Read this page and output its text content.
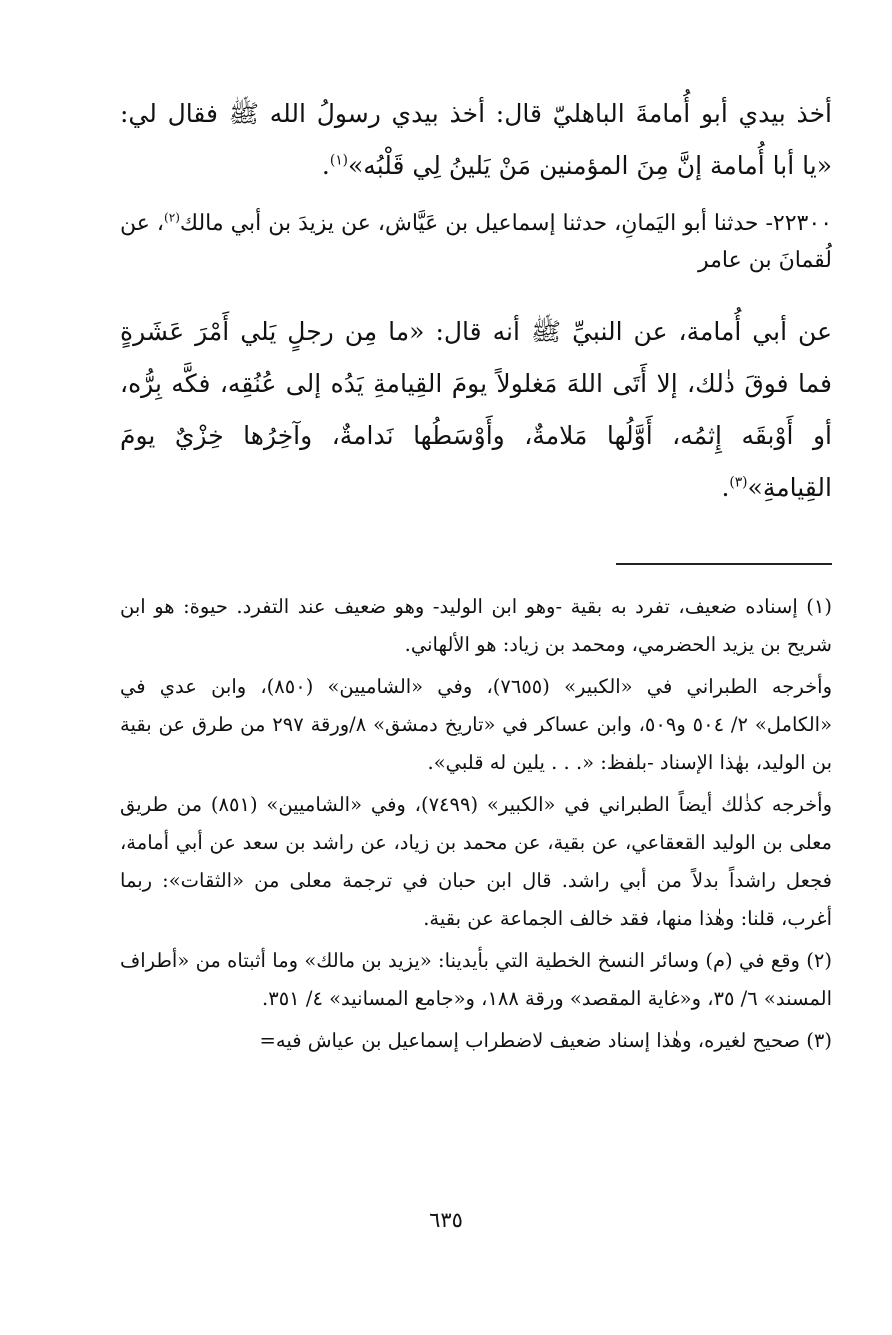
أخذ بيدي أبو أُمامةَ الباهليّ قال: أخذ بيدي رسولُ الله ﷺ فقال لي: «يا أبا أُمامة إنَّ مِنَ المؤمنين مَنْ يَلينُ لِي قَلْبُه»$^{(١)}$.

٢٢٣٠٠- حدثنا أبو اليَمانِ، حدثنا إسماعيل بن عَيَّاش، عن يزيدَ بن أبي مالك$^{(٢)}$، عن لُقمانَ بن عامر

عن أبي أُمامة، عن النبيِّ ﷺ أنه قال: «ما مِن رجلٍ يَلي أَمْرَ عَشَرةٍ فما فوقَ ذٰلك، إلا أَتَى اللهَ مَغلولاً يومَ القِيامةِ يَدُه إلى عُنُقِه، فكَّه بِرُّه، أو أَوْبقَه إِثمُه، أَوَّلُها مَلامةٌ، وأَوْسَطُها نَدامةٌ، وآخِرُها خِزْيٌ يومَ القِيامةِ»$^{(٣)}$.

(١) إسناده ضعيف، تفرد به بقية -وهو ابن الوليد- وهو ضعيف عند التفرد. حيوة: هو ابن شريح بن يزيد الحضرمي، ومحمد بن زياد: هو الألهاني.

وأخرجه الطبراني في «الكبير» (٧٦٥٥)، وفي «الشاميين» (٨٥٠)، وابن عدي في «الكامل» ٢/ ٥٠٤ و٥٠٩، وابن عساكر في «تاريخ دمشق» ٨/ورقة ٢٩٧ من طرق عن بقية بن الوليد، بهٰذا الإسناد -بلفظ: «. . . يلين له قلبي».

وأخرجه كذٰلك أيضاً الطبراني في «الكبير» (٧٤٩٩)، وفي «الشاميين» (٨٥١) من طريق معلى بن الوليد القعقاعي، عن بقية، عن محمد بن زياد، عن راشد بن سعد عن أبي أمامة، فجعل راشداً بدلاً من أبي راشد. قال ابن حبان في ترجمة معلى من «الثقات»: ربما أغرب، قلنا: وهٰذا منها، فقد خالف الجماعة عن بقية.

(٢) وقع في (م) وسائر النسخ الخطية التي بأيدينا: «يزيد بن مالك» وما أثبتاه من «أطراف المسند» ٦/ ٣٥، و«غاية المقصد» ورقة ١٨٨، و«جامع المسانيد» ٤/ ٣٥١.

(٣) صحيح لغيره، وهٰذا إسناد ضعيف لاضطراب إسماعيل بن عياش فيه=

٦٣٥
